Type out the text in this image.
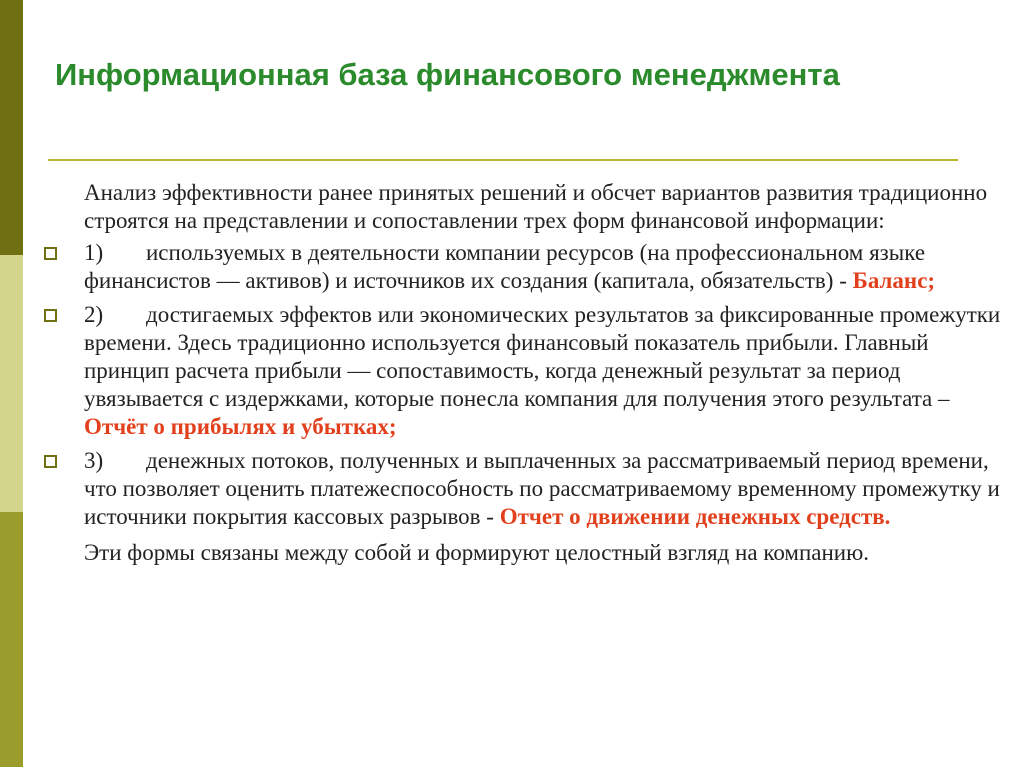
Информационная база финансового менеджмента

Анализ эффективности ранее принятых решений и обсчет вариантов развития традиционно строятся на представлении и сопоставлении трех форм финансовой информации:

1) используемых в деятельности компании ресурсов (на профессиональном языке финансистов — активов) и источников их создания (капитала, обязательств) - Баланс;

2) достигаемых эффектов или экономических результатов за фиксированные промежутки времени. Здесь традиционно используется финансовый показатель прибыли. Главный принцип расчета прибыли — сопоставимость, когда денежный результат за период увязывается с издержками, которые понесла компания для получения этого результата – Отчёт о прибылях и убытках;

3) денежных потоков, полученных и выплаченных за рассматриваемый период времени, что позволяет оценить платежеспособность по рассматриваемому временному промежутку и источники покрытия кассовых разрывов - Отчет о движении денежных средств.

Эти формы связаны между собой и формируют целостный взгляд на компанию.
